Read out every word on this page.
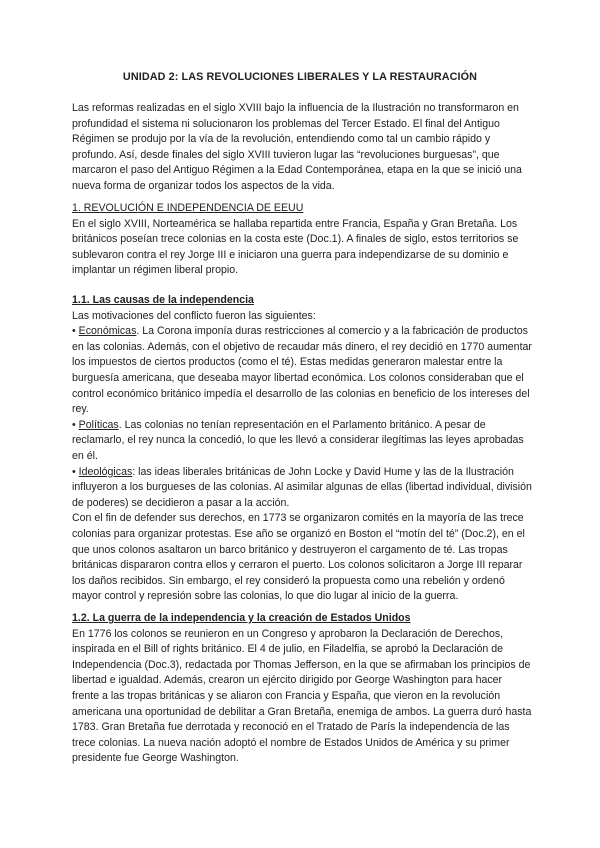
UNIDAD 2: LAS REVOLUCIONES LIBERALES Y LA RESTAURACIÓN

Las reformas realizadas en el siglo XVIII bajo la influencia de la Ilustración no transformaron en profundidad el sistema ni solucionaron los problemas del Tercer Estado. El final del Antiguo Régimen se produjo por la vía de la revolución, entendiendo como tal un cambio rápido y profundo. Así, desde finales del siglo XVIII tuvieron lugar las “revoluciones burguesas”, que marcaron el paso del Antiguo Régimen a la Edad Contemporánea, etapa en la que se inició una nueva forma de organizar todos los aspectos de la vida.

1. REVOLUCIÓN E INDEPENDENCIA DE EEUU

En el siglo XVIII, Norteamérica se hallaba repartida entre Francia, España y Gran Bretaña. Los británicos poseían trece colonias en la costa este (Doc.1). A finales de siglo, estos territorios se sublevaron contra el rey Jorge III e iniciaron una guerra para independizarse de su dominio e implantar un régimen liberal propio.

1.1. Las causas de la independencia

Las motivaciones del conflicto fueron las siguientes:

• Económicas. La Corona imponía duras restricciones al comercio y a la fabricación de productos en las colonias. Además, con el objetivo de recaudar más dinero, el rey decidió en 1770 aumentar los impuestos de ciertos productos (como el té). Estas medidas generaron malestar entre la burguesía americana, que deseaba mayor libertad económica. Los colonos consideraban que el control económico británico impedía el desarrollo de las colonias en beneficio de los intereses del rey.

• Políticas. Las colonias no tenían representación en el Parlamento británico. A pesar de reclamarlo, el rey nunca la concedió, lo que les llevó a considerar ilegítimas las leyes aprobadas en él.

• Ideológicas: las ideas liberales británicas de John Locke y David Hume y las de la Ilustración influyeron a los burgueses de las colonias. Al asimilar algunas de ellas (libertad individual, división de poderes) se decidieron a pasar a la acción.

Con el fin de defender sus derechos, en 1773 se organizaron comités en la mayoría de las trece colonias para organizar protestas. Ese año se organizó en Boston el “motín del té” (Doc.2), en el que unos colonos asaltaron un barco británico y destruyeron el cargamento de té. Las tropas británicas dispararon contra ellos y cerraron el puerto. Los colonos solicitaron a Jorge III reparar los daños recibidos. Sin embargo, el rey consideró la propuesta como una rebelión y ordenó mayor control y represión sobre las colonias, lo que dio lugar al inicio de la guerra.

1.2. La guerra de la independencia y la creación de Estados Unidos

En 1776 los colonos se reunieron en un Congreso y aprobaron la Declaración de Derechos, inspirada en el Bill of rights británico. El 4 de julio, en Filadelfia, se aprobó la Declaración de Independencia (Doc.3), redactada por Thomas Jefferson, en la que se afirmaban los principios de libertad e igualdad. Además, crearon un ejército dirigido por George Washington para hacer frente a las tropas británicas y se aliaron con Francia y España, que vieron en la revolución americana una oportunidad de debilitar a Gran Bretaña, enemiga de ambos. La guerra duró hasta 1783. Gran Bretaña fue derrotada y reconoció en el Tratado de París la independencia de las trece colonias. La nueva nación adoptó el nombre de Estados Unidos de América y su primer presidente fue George Washington.
